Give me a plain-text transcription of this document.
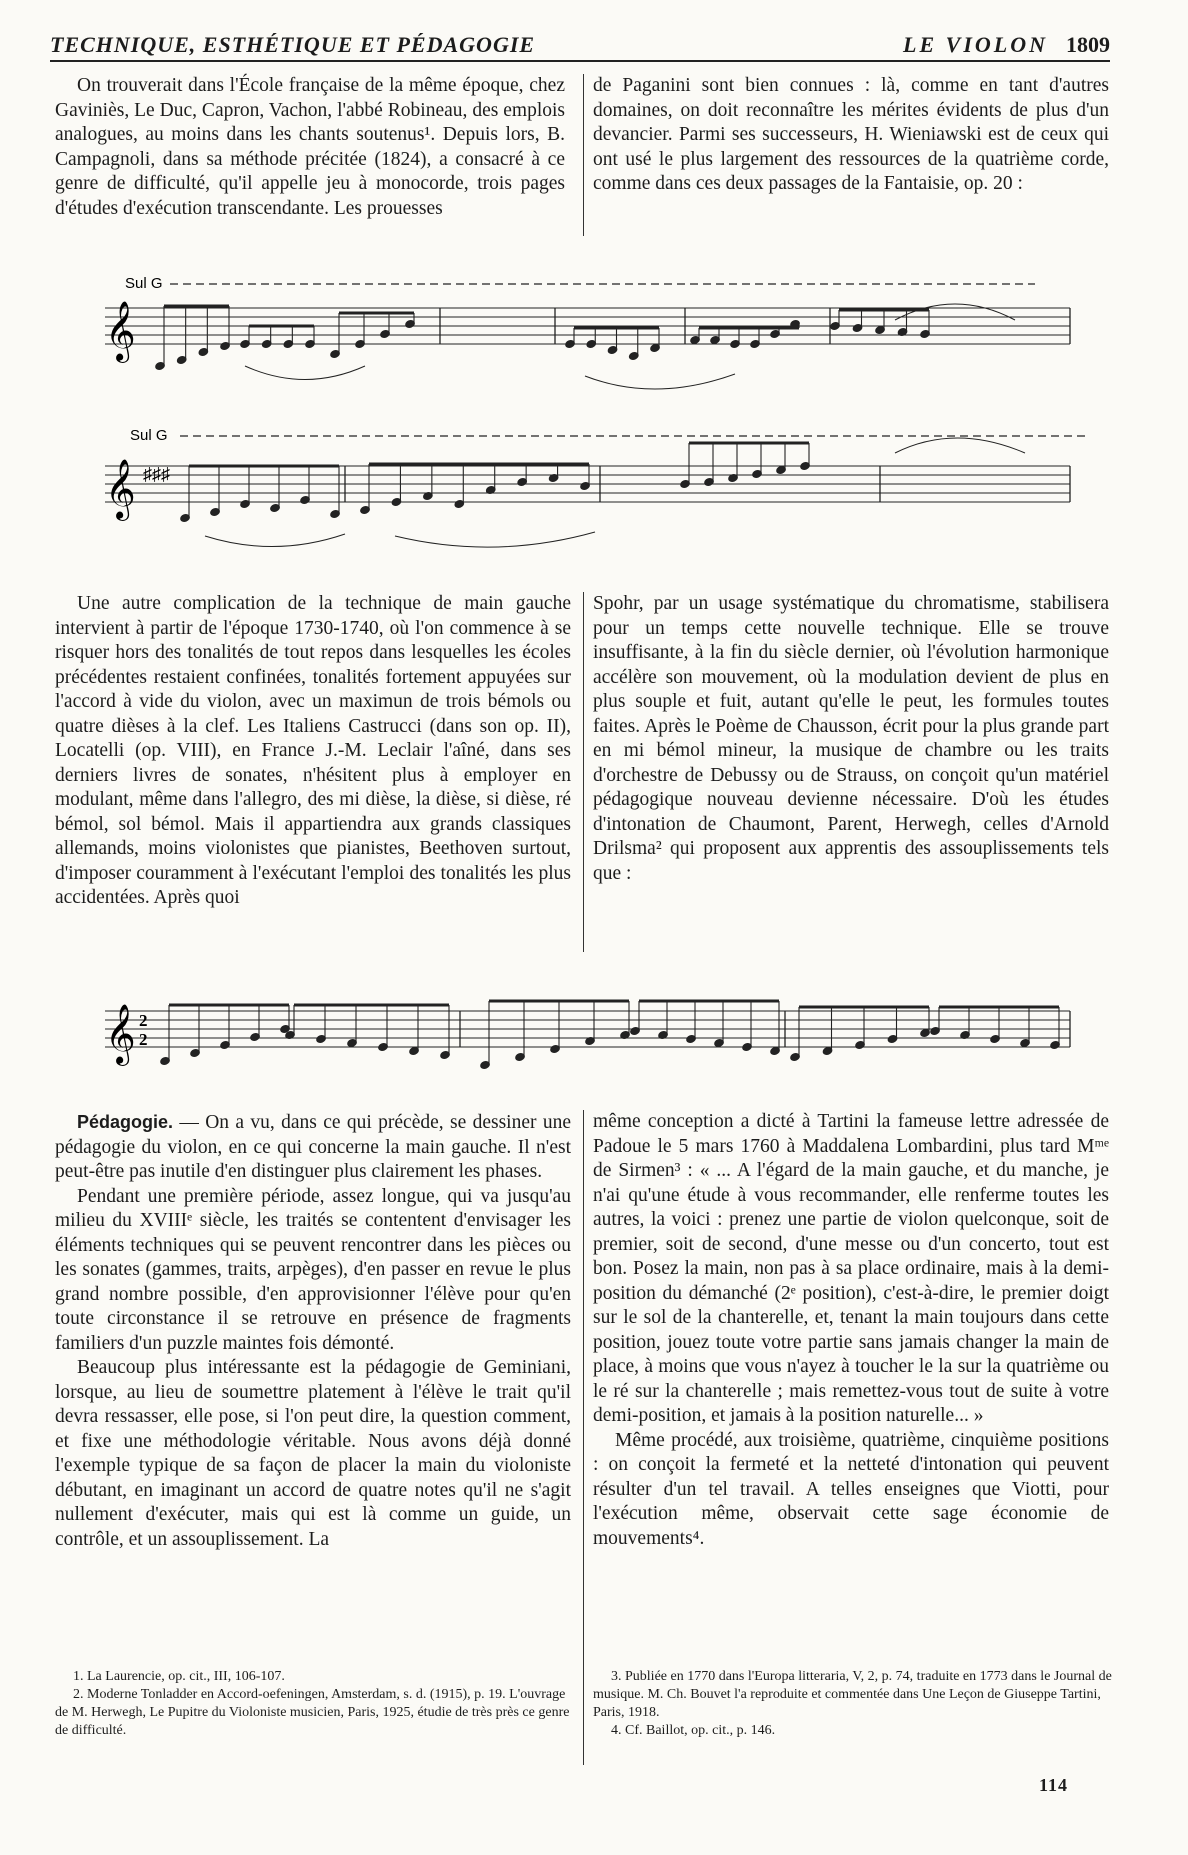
TECHNIQUE, ESTHÉTIQUE ET PÉDAGOGIE	LE VIOLON 1809

On trouverait dans l'École française de la même époque, chez Gaviniès, Le Duc, Capron, Vachon, l'abbé Robineau, des emplois analogues, au moins dans les chants soutenus¹. Depuis lors, B. Campagnoli, dans sa méthode précitée (1824), a consacré à ce genre de difficulté, qu'il appelle jeu à monocorde, trois pages d'études d'exécution transcendante. Les prouesses

de Paganini sont bien connues : là, comme en tant d'autres domaines, on doit reconnaître les mérites évidents de plus d'un devancier. Parmi ses successeurs, H. Wieniawski est de ceux qui ont usé le plus largement des ressources de la quatrième corde, comme dans ces deux passages de la Fantaisie, op. 20 :

Sul G
𝄞
Sul G
𝄞 ♯♯♯

Une autre complication de la technique de main gauche intervient à partir de l'époque 1730-1740, où l'on commence à se risquer hors des tonalités de tout repos dans lesquelles les écoles précédentes restaient confinées, tonalités fortement appuyées sur l'accord à vide du violon, avec un maximun de trois bémols ou quatre dièses à la clef. Les Italiens Castrucci (dans son op. II), Locatelli (op. VIII), en France J.-M. Leclair l'aîné, dans ses derniers livres de sonates, n'hésitent plus à employer en modulant, même dans l'allegro, des mi dièse, la dièse, si dièse, ré bémol, sol bémol. Mais il appartiendra aux grands classiques allemands, moins violonistes que pianistes, Beethoven surtout, d'imposer couramment à l'exécutant l'emploi des tonalités les plus accidentées. Après quoi

Spohr, par un usage systématique du chromatisme, stabilisera pour un temps cette nouvelle technique. Elle se trouve insuffisante, à la fin du siècle dernier, où l'évolution harmonique accélère son mouvement, où la modulation devient de plus en plus souple et fuit, autant qu'elle le peut, les formules toutes faites. Après le Poème de Chausson, écrit pour la plus grande part en mi bémol mineur, la musique de chambre ou les traits d'orchestre de Debussy ou de Strauss, on conçoit qu'un matériel pédagogique nouveau devienne nécessaire. D'où les études d'intonation de Chaumont, Parent, Herwegh, celles d'Arnold Drilsma² qui proposent aux apprentis des assouplissements tels que :

𝄞 2
2

Pédagogie. — On a vu, dans ce qui précède, se dessiner une pédagogie du violon, en ce qui concerne la main gauche. Il n'est peut-être pas inutile d'en distinguer plus clairement les phases.

Pendant une première période, assez longue, qui va jusqu'au milieu du XVIIIᵉ siècle, les traités se contentent d'envisager les éléments techniques qui se peuvent rencontrer dans les pièces ou les sonates (gammes, traits, arpèges), d'en passer en revue le plus grand nombre possible, d'en approvisionner l'élève pour qu'en toute circonstance il se retrouve en présence de fragments familiers d'un puzzle maintes fois démonté.

Beaucoup plus intéressante est la pédagogie de Geminiani, lorsque, au lieu de soumettre platement à l'élève le trait qu'il devra ressasser, elle pose, si l'on peut dire, la question comment, et fixe une méthodologie véritable. Nous avons déjà donné l'exemple typique de sa façon de placer la main du violoniste débutant, en imaginant un accord de quatre notes qu'il ne s'agit nullement d'exécuter, mais qui est là comme un guide, un contrôle, et un assouplissement. La

même conception a dicté à Tartini la fameuse lettre adressée de Padoue le 5 mars 1760 à Maddalena Lombardini, plus tard Mᵐᵉ de Sirmen³ : « ... A l'égard de la main gauche, et du manche, je n'ai qu'une étude à vous recommander, elle renferme toutes les autres, la voici : prenez une partie de violon quelconque, soit de premier, soit de second, d'une messe ou d'un concerto, tout est bon. Posez la main, non pas à sa place ordinaire, mais à la demi-position du démanché (2ᵉ position), c'est-à-dire, le premier doigt sur le sol de la chanterelle, et, tenant la main toujours dans cette position, jouez toute votre partie sans jamais changer la main de place, à moins que vous n'ayez à toucher le la sur la quatrième ou le ré sur la chanterelle ; mais remettez-vous tout de suite à votre demi-position, et jamais à la position naturelle... »

Même procédé, aux troisième, quatrième, cinquième positions : on conçoit la fermeté et la netteté d'intonation qui peuvent résulter d'un tel travail. A telles enseignes que Viotti, pour l'exécution même, observait cette sage économie de mouvements⁴.

1. La Laurencie, op. cit., III, 106-107.

2. Moderne Tonladder en Accord-oefeningen, Amsterdam, s. d. (1915), p. 19. L'ouvrage de M. Herwegh, Le Pupitre du Violoniste musicien, Paris, 1925, étudie de très près ce genre de difficulté.

3. Publiée en 1770 dans l'Europa litteraria, V, 2, p. 74, traduite en 1773 dans le Journal de musique. M. Ch. Bouvet l'a reproduite et commentée dans Une Leçon de Giuseppe Tartini, Paris, 1918.

4. Cf. Baillot, op. cit., p. 146.

114
